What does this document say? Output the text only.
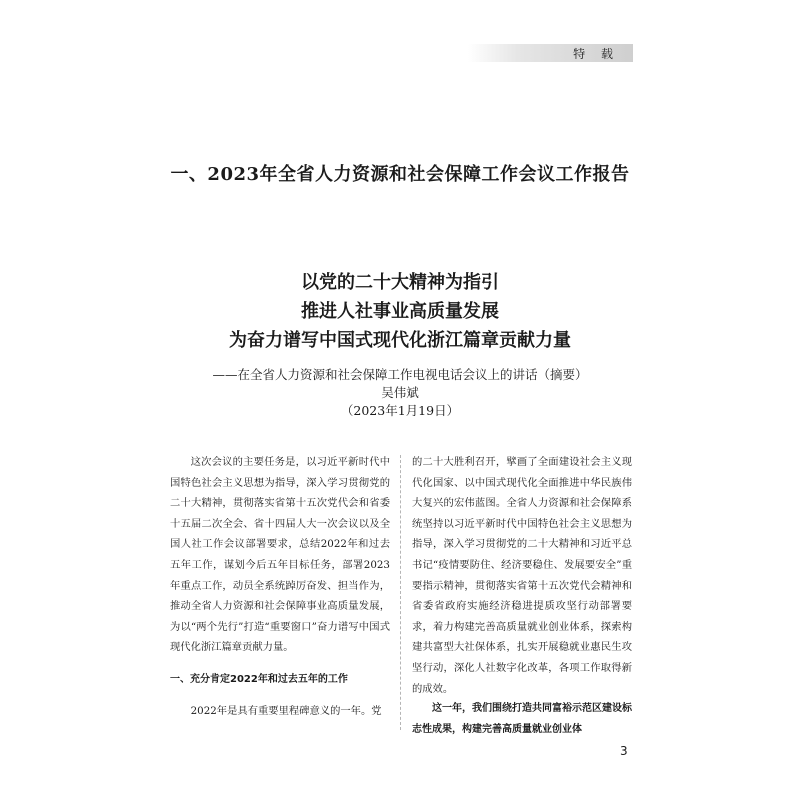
特 载
一、2023年全省人力资源和社会保障工作会议工作报告
以党的二十大精神为指引
推进人社事业高质量发展
为奋力谱写中国式现代化浙江篇章贡献力量
——在全省人力资源和社会保障工作电视电话会议上的讲话（摘要）
吴伟斌
（2023年1月19日）

这次会议的主要任务是，以习近平新时代中国特色社会主义思想为指导，深入学习贯彻党的二十大精神，贯彻落实省第十五次党代会和省委十五届二次全会、省十四届人大一次会议以及全国人社工作会议部署要求，总结2022年和过去五年工作，谋划今后五年目标任务，部署2023年重点工作，动员全系统踔厉奋发、担当作为，推动全省人力资源和社会保障事业高质量发展，为以“两个先行”打造“重要窗口”奋力谱写中国式现代化浙江篇章贡献力量。

一、充分肯定2022年和过去五年的工作

2022年是具有重要里程碑意义的一年。党

的二十大胜利召开，擘画了全面建设社会主义现代化国家、以中国式现代化全面推进中华民族伟大复兴的宏伟蓝图。全省人力资源和社会保障系统坚持以习近平新时代中国特色社会主义思想为指导，深入学习贯彻党的二十大精神和习近平总书记“疫情要防住、经济要稳住、发展要安全”重要指示精神，贯彻落实省第十五次党代会精神和省委省政府实施经济稳进提质攻坚行动部署要求，着力构建完善高质量就业创业体系，探索构建共富型大社保体系，扎实开展稳就业惠民生攻坚行动，深化人社数字化改革，各项工作取得新的成效。

这一年，我们围绕打造共同富裕示范区建设标志性成果，构建完善高质量就业创业体

3
